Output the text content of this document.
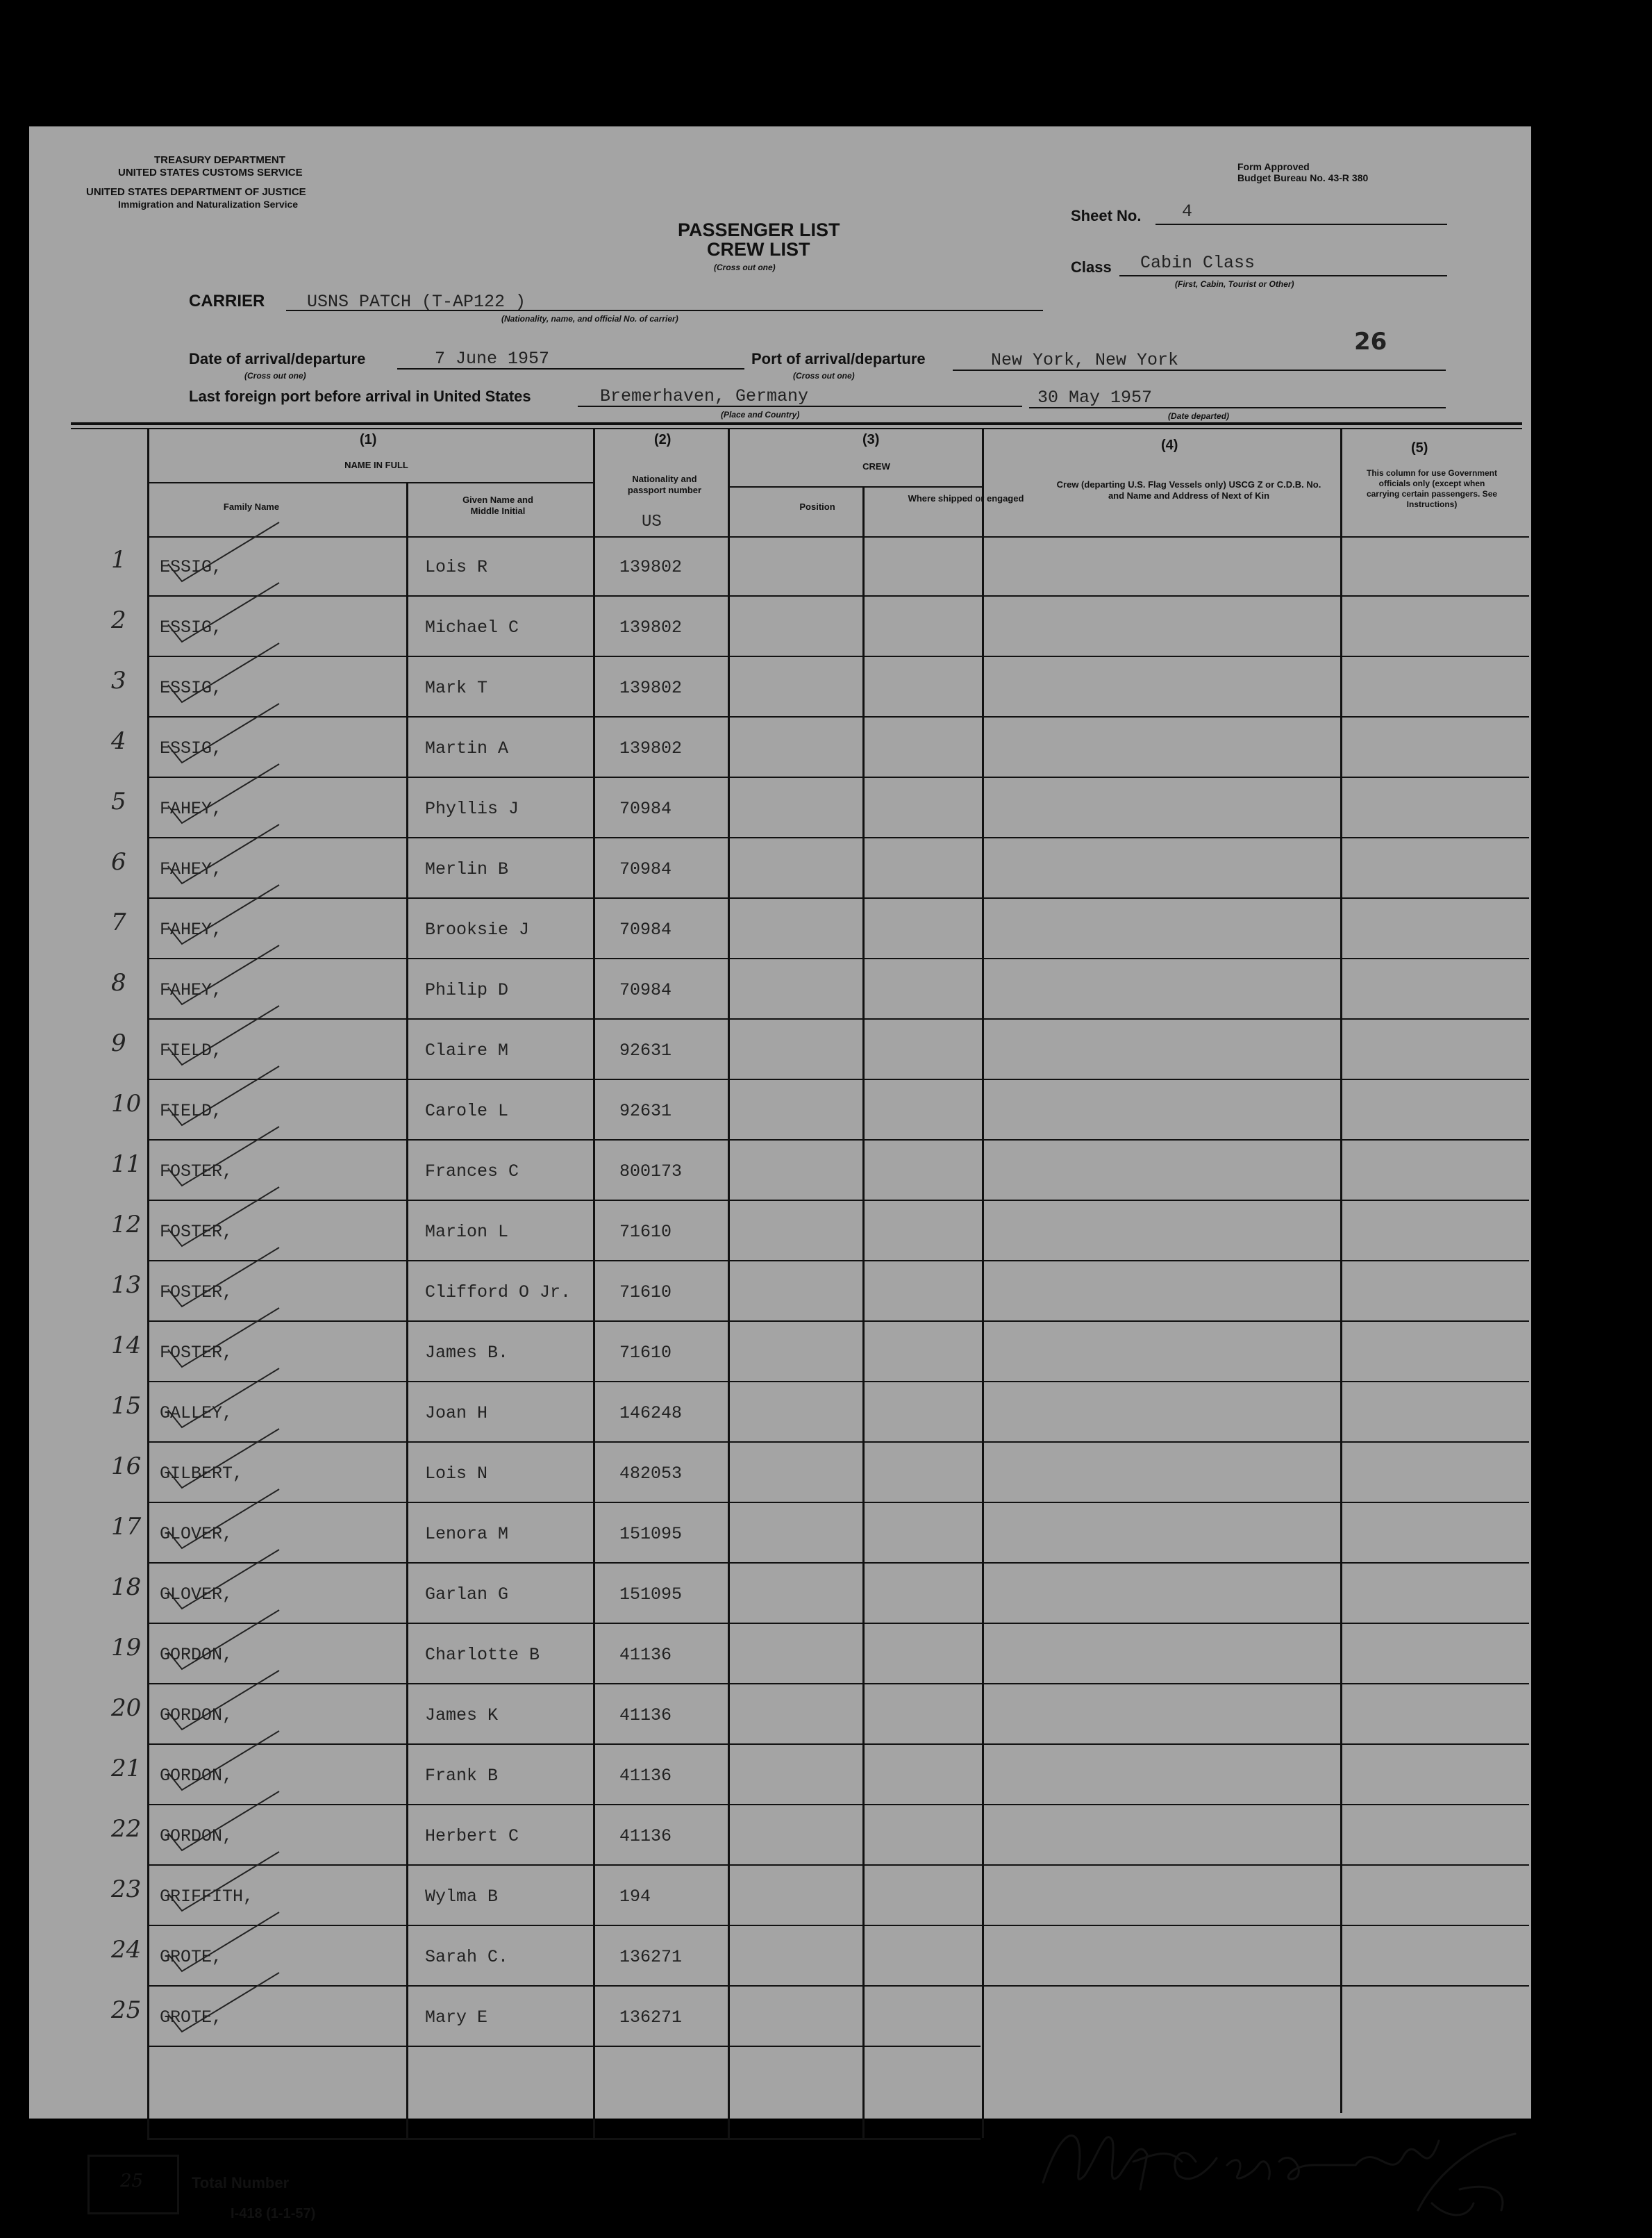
TREASURY DEPARTMENT
UNITED STATES CUSTOMS SERVICE
UNITED STATES DEPARTMENT OF JUSTICE
Immigration and Naturalization Service
Form Approved
Budget Bureau No. 43-R 380
PASSENGER LIST
CREW LIST
(Cross out one)
Sheet No. 4
Class Cabin Class
(First, Cabin, Tourist or Other)
CARRIER USNS PATCH (T-AP122 )
(Nationality, name, and official No. of carrier)
26
Date of arrival/departure
(Cross out one)
7 June 1957	Port of arrival/departure
(Cross out one)
New York, New York
Last foreign port before arrival in United States	Bremerhaven, Germany
(Place and Country)
30 May 1957
(Date departed)
(1)
NAME IN FULL
Family Name
Given Name and Middle Initial
(2)
Nationality and passport number
US
(3)
CREW
Position
Where shipped or engaged
(4)
Crew (departing U.S. Flag Vessels only) USCG Z or C.D.B. No. and Name and Address of Next of Kin
(5)
This column for use Government officials only (except when carrying certain passengers. See Instructions)
1 ESSIG,	Lois R	139802
2 ESSIG,	Michael C	139802
3 ESSIG,	Mark T	139802
4 ESSIG,	Martin A	139802
5 FAHEY,	Phyllis J	70984
6 FAHEY,	Merlin B	70984
7 FAHEY,	Brooksie J	70984
8 FAHEY,	Philip D	70984
9 FIELD,	Claire M	92631
10 FIELD,	Carole L	92631
11 FOSTER,	Frances C	800173
12 FOSTER,	Marion L	71610
13 FOSTER,	Clifford O Jr.	71610
14 FOSTER,	James B.	71610
15 GALLEY,	Joan H	146248
16 GILBERT,	Lois N	482053
17 GLOVER,	Lenora M	151095
18 GLOVER,	Garlan G	151095
19 GORDON,	Charlotte B	41136
20 GORDON,	James K	41136
21 GORDON,	Frank B	41136
22 GORDON,	Herbert C	41136
23 GRIFFITH,	Wylma B	194
24 GROTE,	Sarah C.	136271
25 GROTE,	Mary E	136271
25	Total Number
I-418 (1-1-57)
